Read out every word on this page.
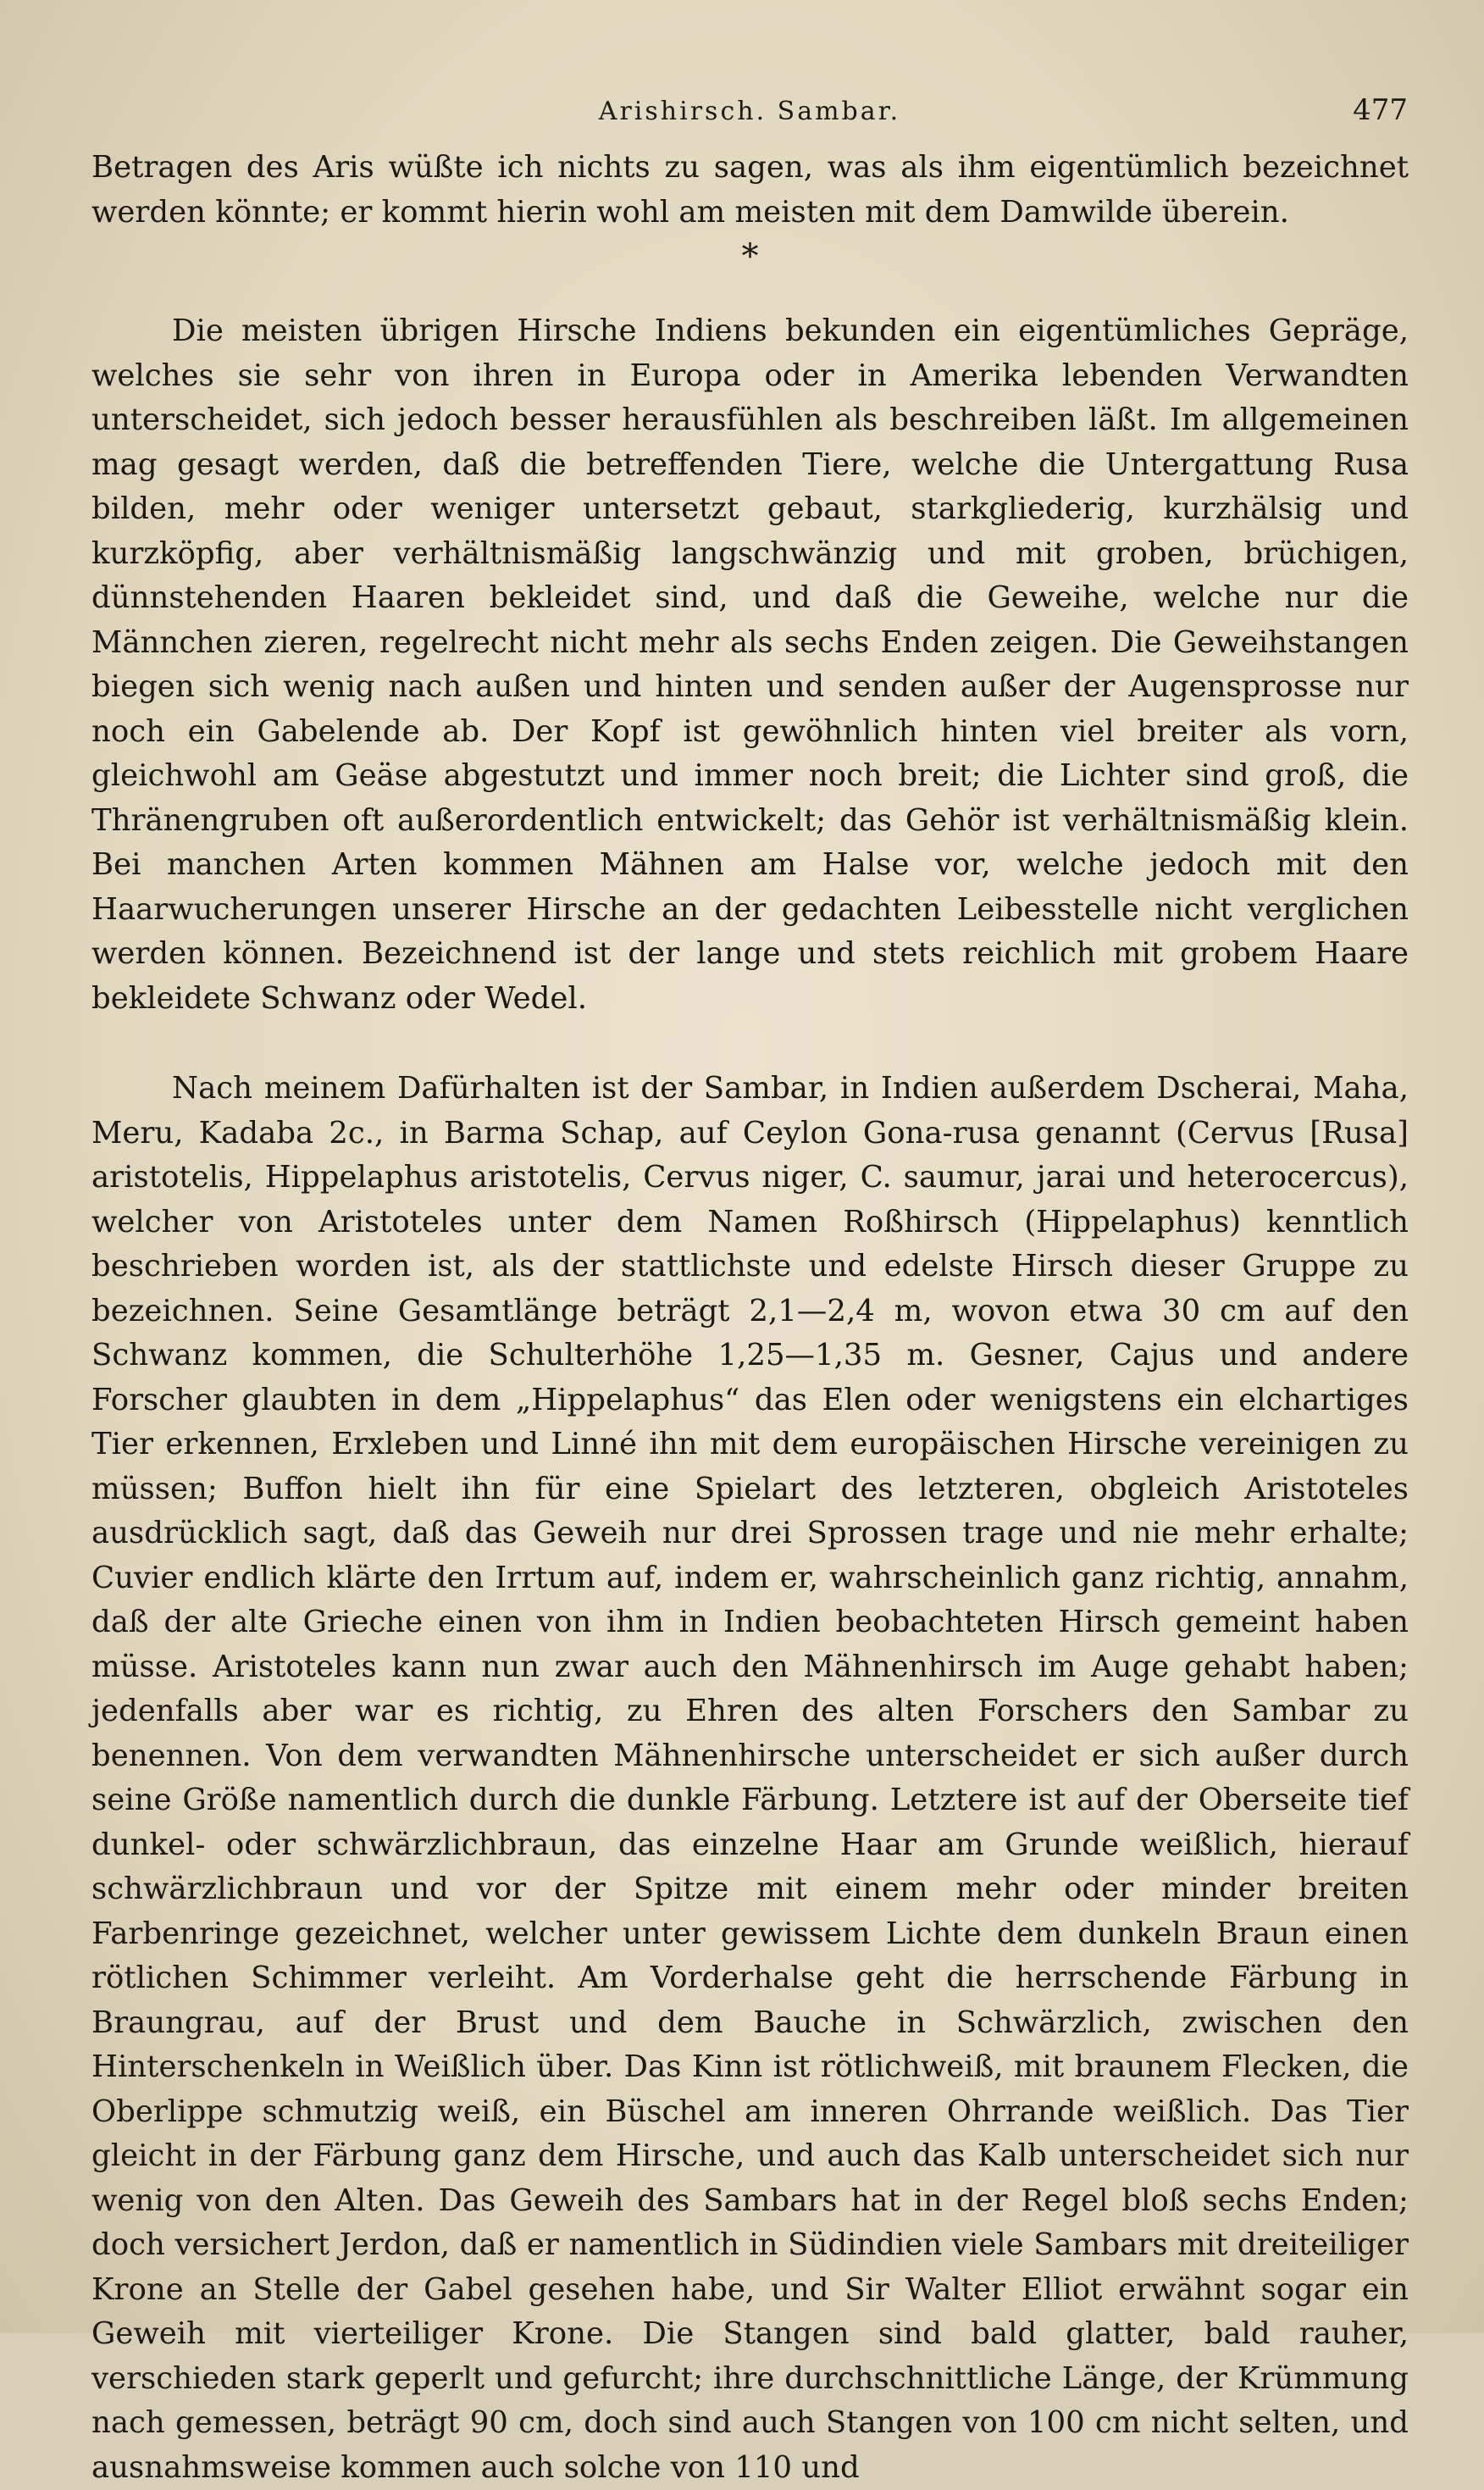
Arishirsch. Sambar.	477

Betragen des Aris wüßte ich nichts zu sagen, was als ihm eigentümlich bezeichnet werden könnte; er kommt hierin wohl am meisten mit dem Damwilde überein.

*

Die meisten übrigen Hirsche Indiens bekunden ein eigentümliches Gepräge, welches sie sehr von ihren in Europa oder in Amerika lebenden Verwandten unterscheidet, sich jedoch besser herausfühlen als beschreiben läßt. Im allgemeinen mag gesagt werden, daß die betreffenden Tiere, welche die Untergattung Rusa bilden, mehr oder weniger untersetzt gebaut, starkgliederig, kurzhälsig und kurzköpfig, aber verhältnismäßig langschwänzig und mit groben, brüchigen, dünnstehenden Haaren bekleidet sind, und daß die Geweihe, welche nur die Männchen zieren, regelrecht nicht mehr als sechs Enden zeigen. Die Geweihstangen biegen sich wenig nach außen und hinten und senden außer der Augensprosse nur noch ein Gabelende ab. Der Kopf ist gewöhnlich hinten viel breiter als vorn, gleichwohl am Geäse abgestutzt und immer noch breit; die Lichter sind groß, die Thränengruben oft außerordentlich entwickelt; das Gehör ist verhältnismäßig klein. Bei manchen Arten kommen Mähnen am Halse vor, welche jedoch mit den Haarwucherungen unserer Hirsche an der gedachten Leibesstelle nicht verglichen werden können. Bezeichnend ist der lange und stets reichlich mit grobem Haare bekleidete Schwanz oder Wedel.

Nach meinem Dafürhalten ist der Sambar, in Indien außerdem Dscherai, Maha, Meru, Kadaba 2c., in Barma Schap, auf Ceylon Gona-rusa genannt (Cervus [Rusa] aristotelis, Hippelaphus aristotelis, Cervus niger, C. saumur, jarai und heterocercus), welcher von Aristoteles unter dem Namen Roßhirsch (Hippelaphus) kenntlich beschrieben worden ist, als der stattlichste und edelste Hirsch dieser Gruppe zu bezeichnen. Seine Gesamtlänge beträgt 2,1—2,4 m, wovon etwa 30 cm auf den Schwanz kommen, die Schulterhöhe 1,25—1,35 m. Gesner, Cajus und andere Forscher glaubten in dem „Hippelaphus“ das Elen oder wenigstens ein elchartiges Tier erkennen, Erxleben und Linné ihn mit dem europäischen Hirsche vereinigen zu müssen; Buffon hielt ihn für eine Spielart des letzteren, obgleich Aristoteles ausdrücklich sagt, daß das Geweih nur drei Sprossen trage und nie mehr erhalte; Cuvier endlich klärte den Irrtum auf, indem er, wahrscheinlich ganz richtig, annahm, daß der alte Grieche einen von ihm in Indien beobachteten Hirsch gemeint haben müsse. Aristoteles kann nun zwar auch den Mähnenhirsch im Auge gehabt haben; jedenfalls aber war es richtig, zu Ehren des alten Forschers den Sambar zu benennen. Von dem verwandten Mähnenhirsche unterscheidet er sich außer durch seine Größe namentlich durch die dunkle Färbung. Letztere ist auf der Oberseite tief dunkel- oder schwärzlichbraun, das einzelne Haar am Grunde weißlich, hierauf schwärzlichbraun und vor der Spitze mit einem mehr oder minder breiten Farbenringe gezeichnet, welcher unter gewissem Lichte dem dunkeln Braun einen rötlichen Schimmer verleiht. Am Vorderhalse geht die herrschende Färbung in Braungrau, auf der Brust und dem Bauche in Schwärzlich, zwischen den Hinterschenkeln in Weißlich über. Das Kinn ist rötlichweiß, mit braunem Flecken, die Oberlippe schmutzig weiß, ein Büschel am inneren Ohrrande weißlich. Das Tier gleicht in der Färbung ganz dem Hirsche, und auch das Kalb unterscheidet sich nur wenig von den Alten. Das Geweih des Sambars hat in der Regel bloß sechs Enden; doch versichert Jerdon, daß er namentlich in Südindien viele Sambars mit dreiteiliger Krone an Stelle der Gabel gesehen habe, und Sir Walter Elliot erwähnt sogar ein Geweih mit vierteiliger Krone. Die Stangen sind bald glatter, bald rauher, verschieden stark geperlt und gefurcht; ihre durchschnittliche Länge, der Krümmung nach gemessen, beträgt 90 cm, doch sind auch Stangen von 100 cm nicht selten, und ausnahmsweise kommen auch solche von 110 und
